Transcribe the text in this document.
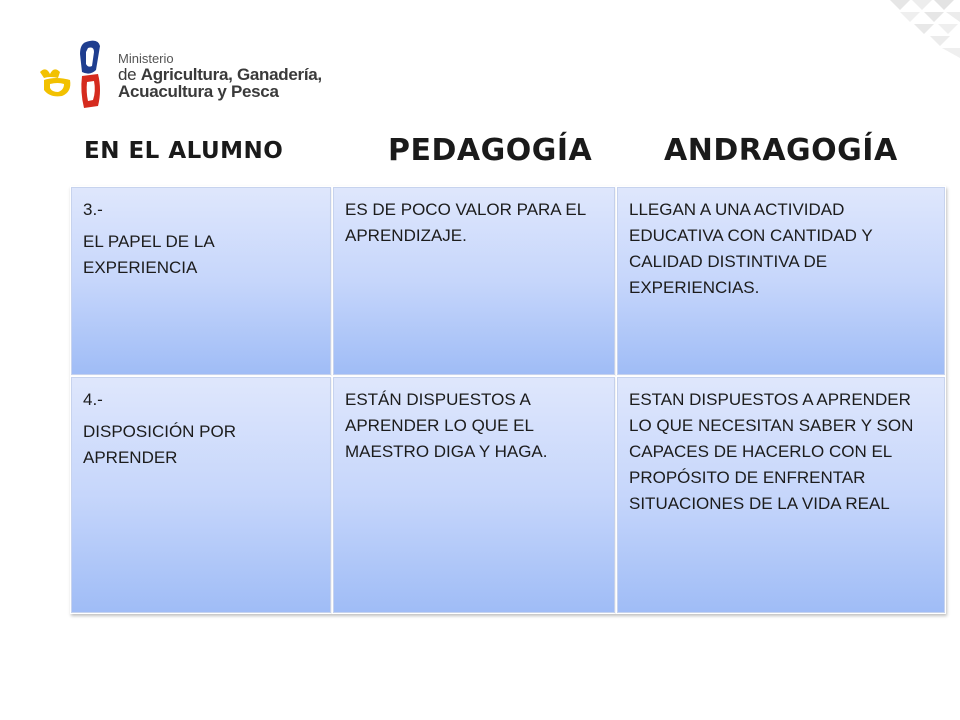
Ministerio
de Agricultura, Ganadería,
Acuacultura y Pesca
EN EL ALUMNO	PEDAGOGÍA ANDRAGOGÍA

3.-

EL PAPEL DE LA EXPERIENCIA

ES DE POCO VALOR PARA EL APRENDIZAJE.

LLEGAN A UNA ACTIVIDAD EDUCATIVA CON CANTIDAD Y CALIDAD DISTINTIVA DE EXPERIENCIAS.

4.-

DISPOSICIÓN POR APRENDER

ESTÁN DISPUESTOS A APRENDER LO QUE EL MAESTRO DIGA Y HAGA.

ESTAN DISPUESTOS A APRENDER LO QUE NECESITAN SABER Y SON CAPACES DE HACERLO CON EL PROPÓSITO DE ENFRENTAR SITUACIONES DE LA VIDA REAL
